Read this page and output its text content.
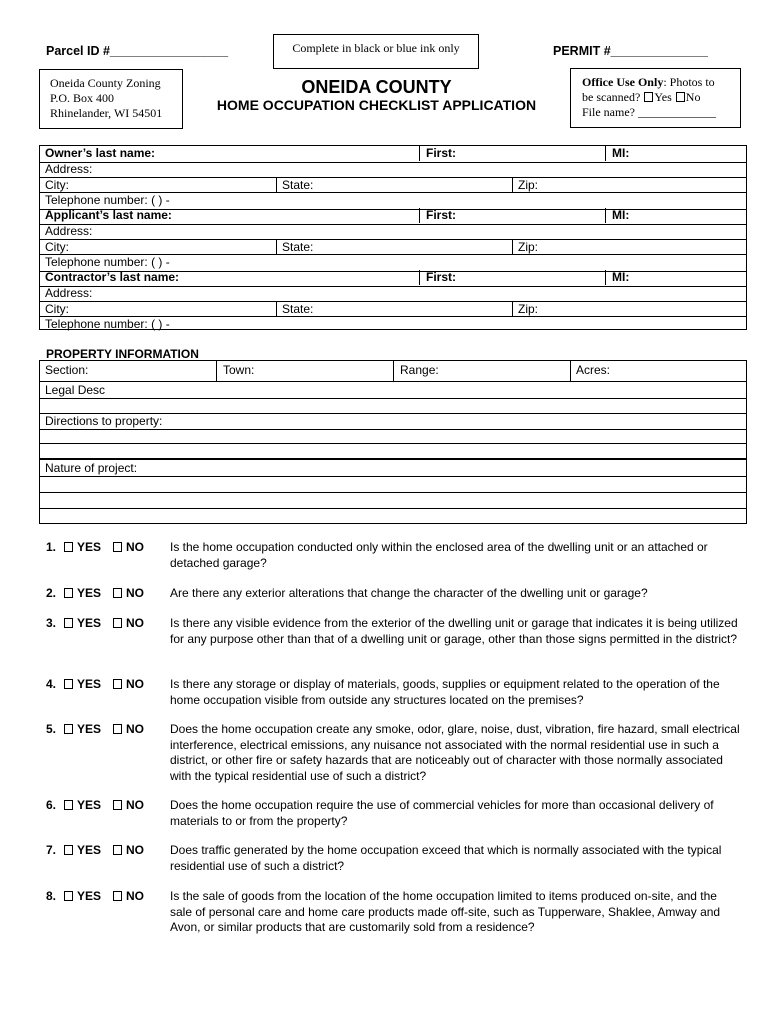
Parcel ID #_________________	Complete in black or blue ink only	PERMIT #______________
Oneida County Zoning
P.O. Box 400
Rhinelander, WI 54501
ONEIDA COUNTY
HOME OCCUPATION CHECKLIST APPLICATION
Office Use Only: Photos to
be scanned? Yes No
File name? _____________
Owner’s last name:	First:	MI:
Address:
City:	State:	Zip:
Telephone number: ( ) -
Applicant’s last name:	First:	MI:
Address:
City:	State:	Zip:
Telephone number: ( ) -
Contractor’s last name:	First:	MI:
Address:
City:	State:	Zip:
Telephone number: ( ) -
PROPERTY INFORMATION
Section:	Town:	Range:	Acres:
Legal Desc
Directions to property:
Nature of project:
1.	YES	NO Is the home occupation conducted only within the enclosed area of the dwelling unit or an attached or detached garage?
2.	YES	NO Are there any exterior alterations that change the character of the dwelling unit or garage?
3.	YES	NO Is there any visible evidence from the exterior of the dwelling unit or garage that indicates it is being utilized for any purpose other than that of a dwelling unit or garage, other than those signs permitted in the district?
4.	YES	NO Is there any storage or display of materials, goods, supplies or equipment related to the operation of the home occupation visible from outside any structures located on the premises?
5.	YES	NO Does the home occupation create any smoke, odor, glare, noise, dust, vibration, fire hazard, small electrical interference, electrical emissions, any nuisance not associated with the normal residential use in such a district, or other fire or safety hazards that are noticeably out of character with those normally associated with the typical residential use of such a district?
6.	YES	NO Does the home occupation require the use of commercial vehicles for more than occasional delivery of materials to or from the property?
7.	YES	NO Does traffic generated by the home occupation exceed that which is normally associated with the typical residential use of such a district?
8.	YES	NO Is the sale of goods from the location of the home occupation limited to items produced on-site, and the sale of personal care and home care products made off-site, such as Tupperware, Shaklee, Amway and Avon, or similar products that are customarily sold from a residence?
